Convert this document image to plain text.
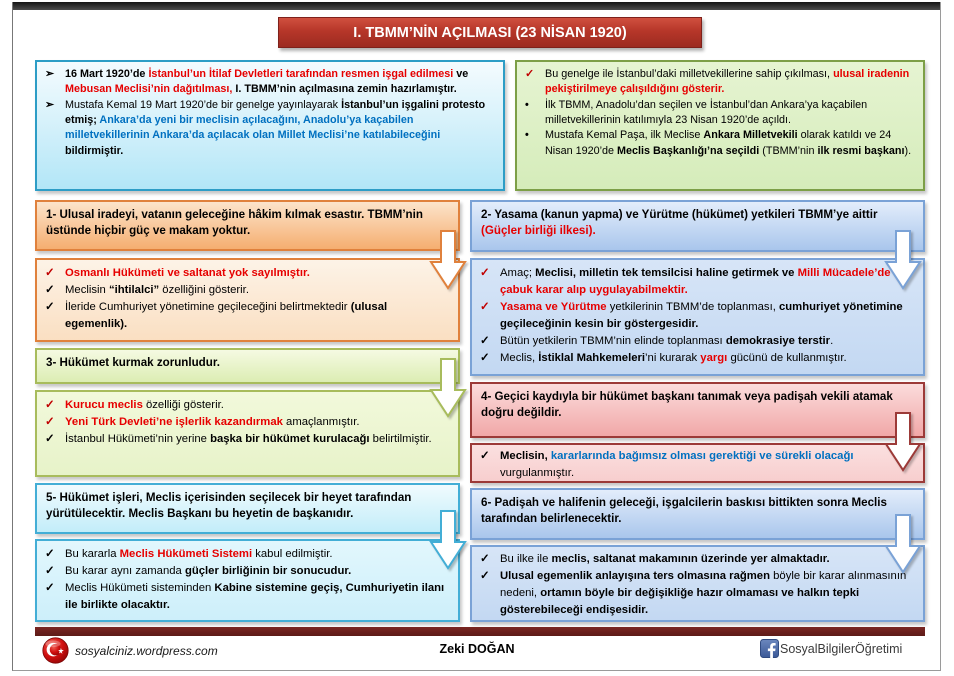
I. TBMM’NİN AÇILMASI (23 NİSAN 1920)
➢	16 Mart 1920’de İstanbul’un İtilaf Devletleri tarafından resmen işgal edilmesi ve Mebusan Meclisi’nin dağıtılması, I. TBMM’nin açılmasına zemin hazırlamıştır.
➢	Mustafa Kemal 19 Mart 1920’de bir genelge yayınlayarak İstanbul’un işgalini protesto etmiş; Ankara’da yeni bir meclisin açılacağını, Anadolu’ya kaçabilen milletvekillerinin Ankara’da açılacak olan Millet Meclisi’ne katılabileceğini bildirmiştir.
✓	Bu genelge ile İstanbul’daki milletvekillerine sahip çıkılması, ulusal iradenin pekiştirilmeye çalışıldığını gösterir.
•	İlk TBMM, Anadolu’dan seçilen ve İstanbul’dan Ankara’ya kaçabilen milletvekillerinin katılımıyla 23 Nisan 1920’de açıldı.
•	Mustafa Kemal Paşa, ilk Meclise Ankara Milletvekili olarak katıldı ve 24 Nisan 1920’de Meclis Başkanlığı’na seçildi (TBMM’nin ilk resmi başkanı).
1- Ulusal iradeyi, vatanın geleceğine hâkim kılmak esastır. TBMM’nin üstünde hiçbir güç ve makam yoktur.
✓ Osmanlı Hükümeti ve saltanat yok sayılmıştır.
✓ Meclisin “ihtilalci” özelliğini gösterir.
✓ İleride Cumhuriyet yönetimine geçileceğini belirtmektedir (ulusal egemenlik).
2- Yasama (kanun yapma) ve Yürütme (hükümet) yetkileri TBMM’ye aittir (Güçler birliği ilkesi).
✓ Amaç; Meclisi, milletin tek temsilcisi haline getirmek ve Milli Mücadele’de çabuk karar alıp uygulayabilmektir.
✓ Yasama ve Yürütme yetkilerinin TBMM’de toplanması, cumhuriyet yönetimine geçileceğinin kesin bir göstergesidir.
✓ Bütün yetkilerin TBMM’nin elinde toplanması demokrasiye terstir.
✓ Meclis, İstiklal Mahkemeleri’ni kurarak yargı gücünü de kullanmıştır.
3- Hükümet kurmak zorunludur.
✓ Kurucu meclis özelliği gösterir.
✓ Yeni Türk Devleti’ne işlerlik kazandırmak amaçlanmıştır.
✓ İstanbul Hükümeti’nin yerine başka bir hükümet kurulacağı belirtilmiştir.
4- Geçici kaydıyla bir hükümet başkanı tanımak veya padişah vekili atamak doğru değildir.
✓ Meclisin, kararlarında bağımsız olması gerektiği ve sürekli olacağı vurgulanmıştır.
5- Hükümet işleri, Meclis içerisinden seçilecek bir heyet tarafından yürütülecektir. Meclis Başkanı bu heyetin de başkanıdır.
✓ Bu kararla Meclis Hükümeti Sistemi kabul edilmiştir.
✓ Bu karar aynı zamanda güçler birliğinin bir sonucudur.
✓ Meclis Hükümeti sisteminden Kabine sistemine geçiş, Cumhuriyetin ilanı ile birlikte olacaktır.
6- Padişah ve halifenin geleceği, işgalcilerin baskısı bittikten sonra Meclis tarafından belirlenecektir.
✓ Bu ilke ile meclis, saltanat makamının üzerinde yer almaktadır.
✓ Ulusal egemenlik anlayışına ters olmasına rağmen böyle bir karar alınmasının nedeni, ortamın böyle bir değişikliğe hazır olmaması ve halkın tepki gösterebileceği endişesidir.
sosyalciniz.wordpress.com	Zeki DOĞAN	SosyalBilgilerÖğretimi
